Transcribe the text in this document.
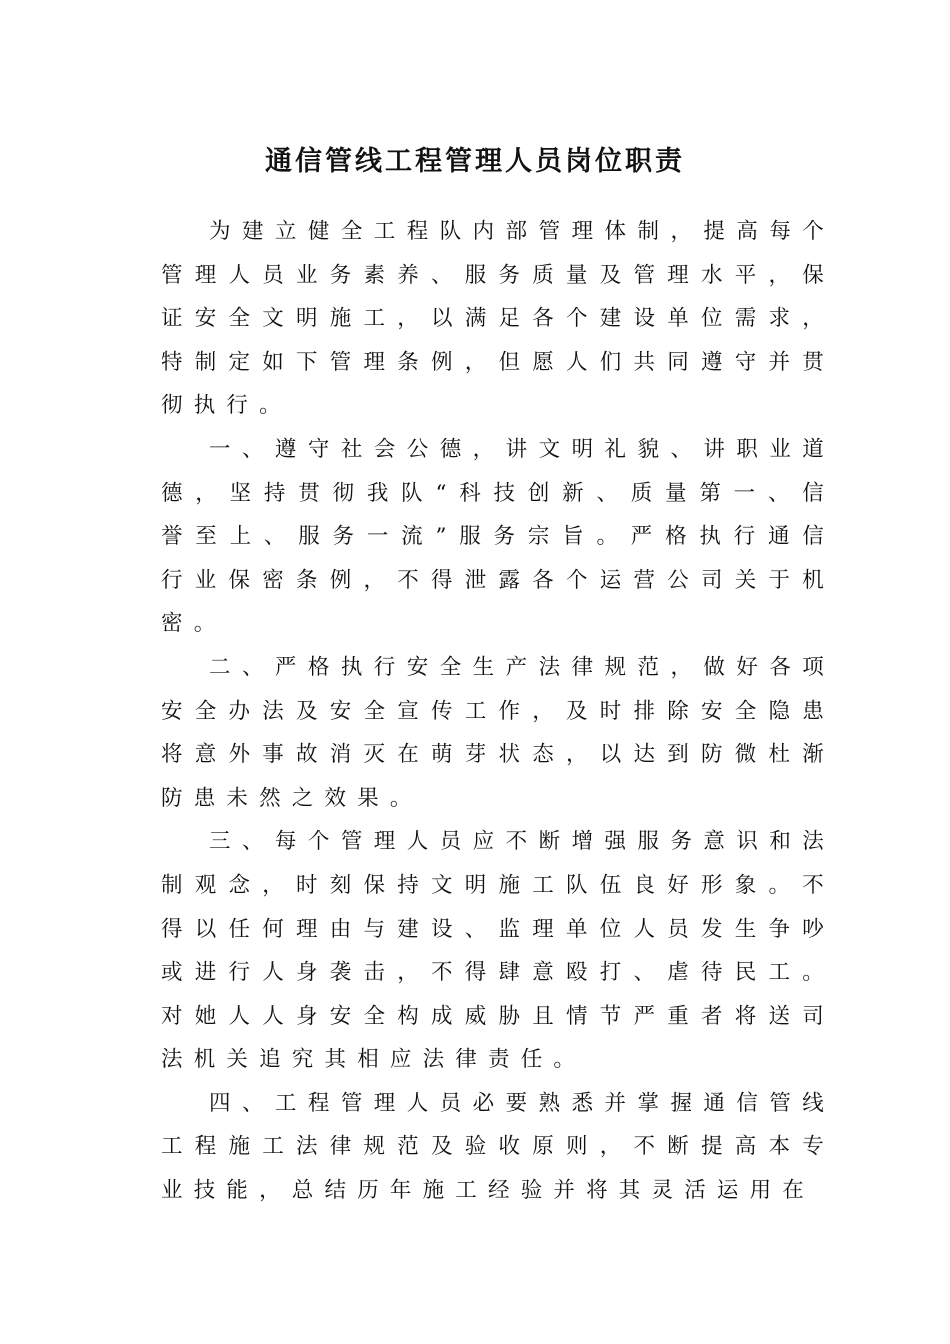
通信管线工程管理人员岗位职责

为建立健全工程队内部管理体制，提高每个管理人员业务素养、服务质量及管理水平，保证安全文明施工，以满足各个建设单位需求，特制定如下管理条例，但愿人们共同遵守并贯彻执行。

一、遵守社会公德，讲文明礼貌、讲职业道德，坚持贯彻我队“科技创新、质量第一、信誉至上、服务一流”服务宗旨。严格执行通信行业保密条例，不得泄露各个运营公司关于机密。

二、严格执行安全生产法律规范，做好各项安全办法及安全宣传工作，及时排除安全隐患将意外事故消灭在萌芽状态，以达到防微杜渐防患未然之效果。

三、每个管理人员应不断增强服务意识和法制观念，时刻保持文明施工队伍良好形象。不得以任何理由与建设、监理单位人员发生争吵或进行人身袭击，不得肆意殴打、虐待民工。对她人人身安全构成威胁且情节严重者将送司法机关追究其相应法律责任。

四、工程管理人员必要熟悉并掌握通信管线工程施工法律规范及验收原则，不断提高本专业技能，总结历年施工经验并将其灵活运用在
